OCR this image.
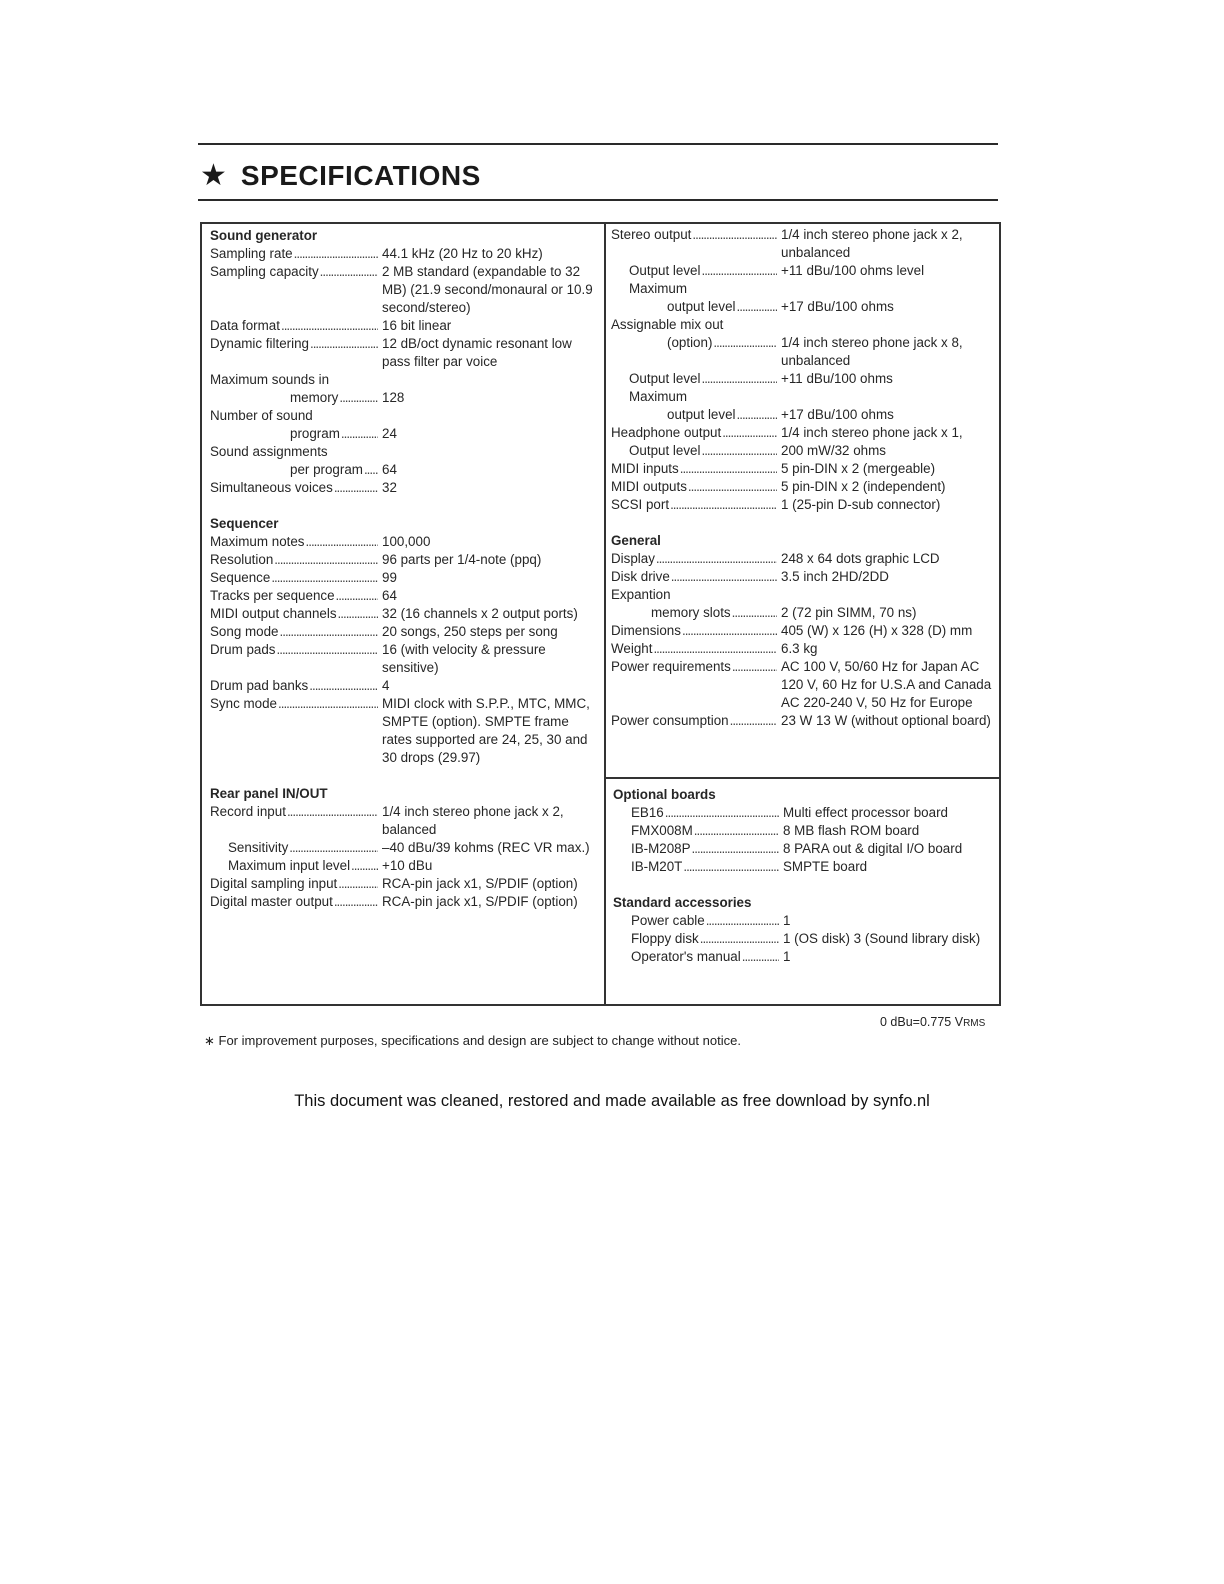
★ SPECIFICATIONS
Sound generator
Sampling rate .....	44.1 kHz (20 Hz to 20 kHz)
Sampling capacity .....	2 MB standard (expandable to 32 MB) (21.9 second/monaural or 10.9 second/stereo)
Data format .....	16 bit linear
Dynamic filtering .....	12 dB/oct dynamic resonant low pass filter par voice
Maximum sounds in
memory .....	128
Number of sound
program .....	24
Sound assignments
per program ..... 64
Simultaneous voices .....	32
Sequencer
Maximum notes .....	100,000
Resolution .....	96 parts per 1/4-note (ppq)
Sequence .....	99
Tracks per sequence .....	64
MIDI output channels .....	32 (16 channels x 2 output ports)
Song mode .....	20 songs, 250 steps per song
Drum pads .....	16 (with velocity & pressure sensitive)
Drum pad banks .....	4
Sync mode .....	MIDI clock with S.P.P., MTC, MMC, SMPTE (option). SMPTE frame rates supported are 24, 25, 30 and 30 drops (29.97)
Rear panel IN/OUT
Record input .....	1/4 inch stereo phone jack x 2, balanced
Sensitivity .....	–40 dBu/39 kohms (REC VR max.)
Maximum input level ..... +10 dBu
Digital sampling input .....	RCA-pin jack x1, S/PDIF (option)
Digital master output .....	RCA-pin jack x1, S/PDIF (option)
Stereo output .....	1/4 inch stereo phone jack x 2, unbalanced
Output level .....	+11 dBu/100 ohms level
Maximum
output level .....	+17 dBu/100 ohms
Assignable mix out
(option) .....	1/4 inch stereo phone jack x 8, unbalanced
Output level .....	+11 dBu/100 ohms
Maximum
output level .....	+17 dBu/100 ohms
Headphone output .....	1/4 inch stereo phone jack x 1,
Output level .....	200 mW/32 ohms
MIDI inputs .....	5 pin-DIN x 2 (mergeable)
MIDI outputs .....	5 pin-DIN x 2 (independent)
SCSI port .....	1 (25-pin D-sub connector)
General
Display .....	248 x 64 dots graphic LCD
Disk drive .....	3.5 inch 2HD/2DD
Expantion
memory slots .....	2 (72 pin SIMM, 70 ns)
Dimensions .....	405 (W) x 126 (H) x 328 (D) mm
Weight .....	6.3 kg
Power requirements .....	AC 100 V, 50/60 Hz for Japan AC 120 V, 60 Hz for U.S.A and Canada AC 220-240 V, 50 Hz for Europe
Power consumption .....	23 W 13 W (without optional board)
Optional boards
EB16 .....	Multi effect processor board
FMX008M .....	8 MB flash ROM board
IB-M208P .....	8 PARA out & digital I/O board
IB-M20T .....	SMPTE board
Standard accessories
Power cable .....	1
Floppy disk .....	1 (OS disk) 3 (Sound library disk)
Operator's manual .....	1
0 dBu=0.775 VRMS
∗ For improvement purposes, specifications and design are subject to change without notice.
This document was cleaned, restored and made available as free download by synfo.nl
